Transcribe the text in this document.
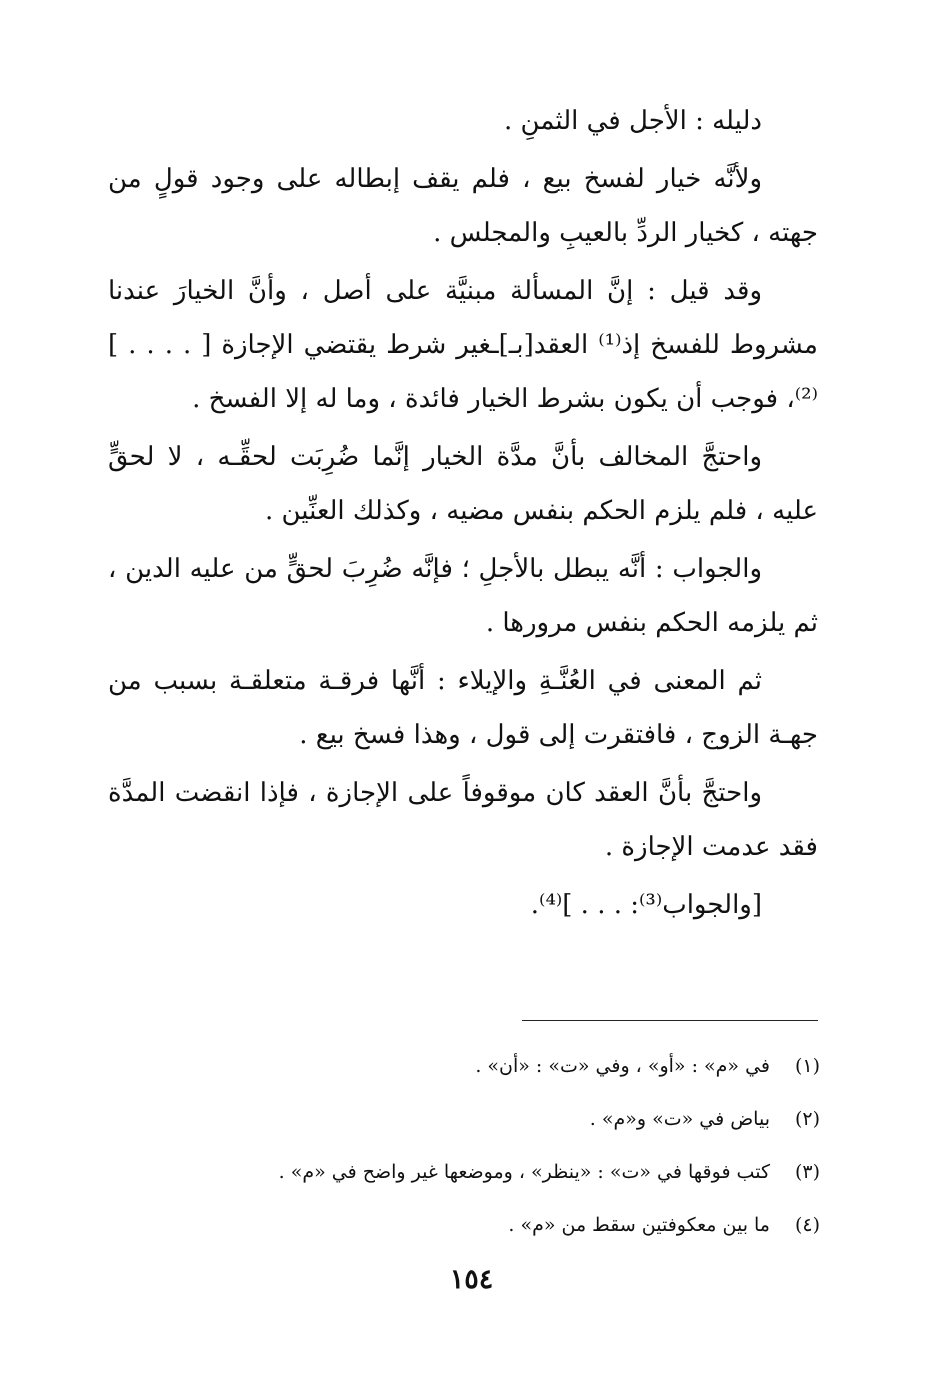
دليله : الأجل في الثمنِ .

ولأنَّه خيار لفسخ بيع ، فلم يقف إبطاله على وجود قولٍ من جهته ، كخيار الردِّ بالعيبِ والمجلس .

وقد قيل : إنَّ المسألة مبنيَّة على أصل ، وأنَّ الخيارَ عندنا مشروط للفسخ إذ⁽¹⁾ العقد[بـ]ـغير شرط يقتضي الإجازة [ . . . . ]⁽²⁾، فوجب أن يكون بشرط الخيار فائدة ، وما له إلا الفسخ .

واحتجَّ المخالف بأنَّ مدَّة الخيار إنَّما ضُرِبَت لحقِّـه ، لا لحقٍّ عليه ، فلم يلزم الحكم بنفس مضيه ، وكذلك العنِّين .

والجواب : أنَّه يبطل بالأجلِ ؛ فإنَّه ضُرِبَ لحقٍّ من عليه الدين ، ثم يلزمه الحكم بنفس مرورها .

ثم المعنى في العُنَّـةِ والإيلاء : أنَّها فرقـة متعلقـة بسبب من جهـة الزوج ، فافتقرت إلى قول ، وهذا فسخ بيع .

واحتجَّ بأنَّ العقد كان موقوفاً على الإجازة ، فإذا انقضت المدَّة فقد عدمت الإجازة .

[والجواب⁽³⁾: . . . ]⁽⁴⁾.

(١)
في «م» : «أو» ، وفي «ت» : «أن» .
(٢)
بياض في «ت» و«م» .
(٣)
كتب فوقها في «ت» : «ينظر» ، وموضعها غير واضح في «م» .
(٤)
ما بين معكوفتين سقط من «م» .
١٥٤
